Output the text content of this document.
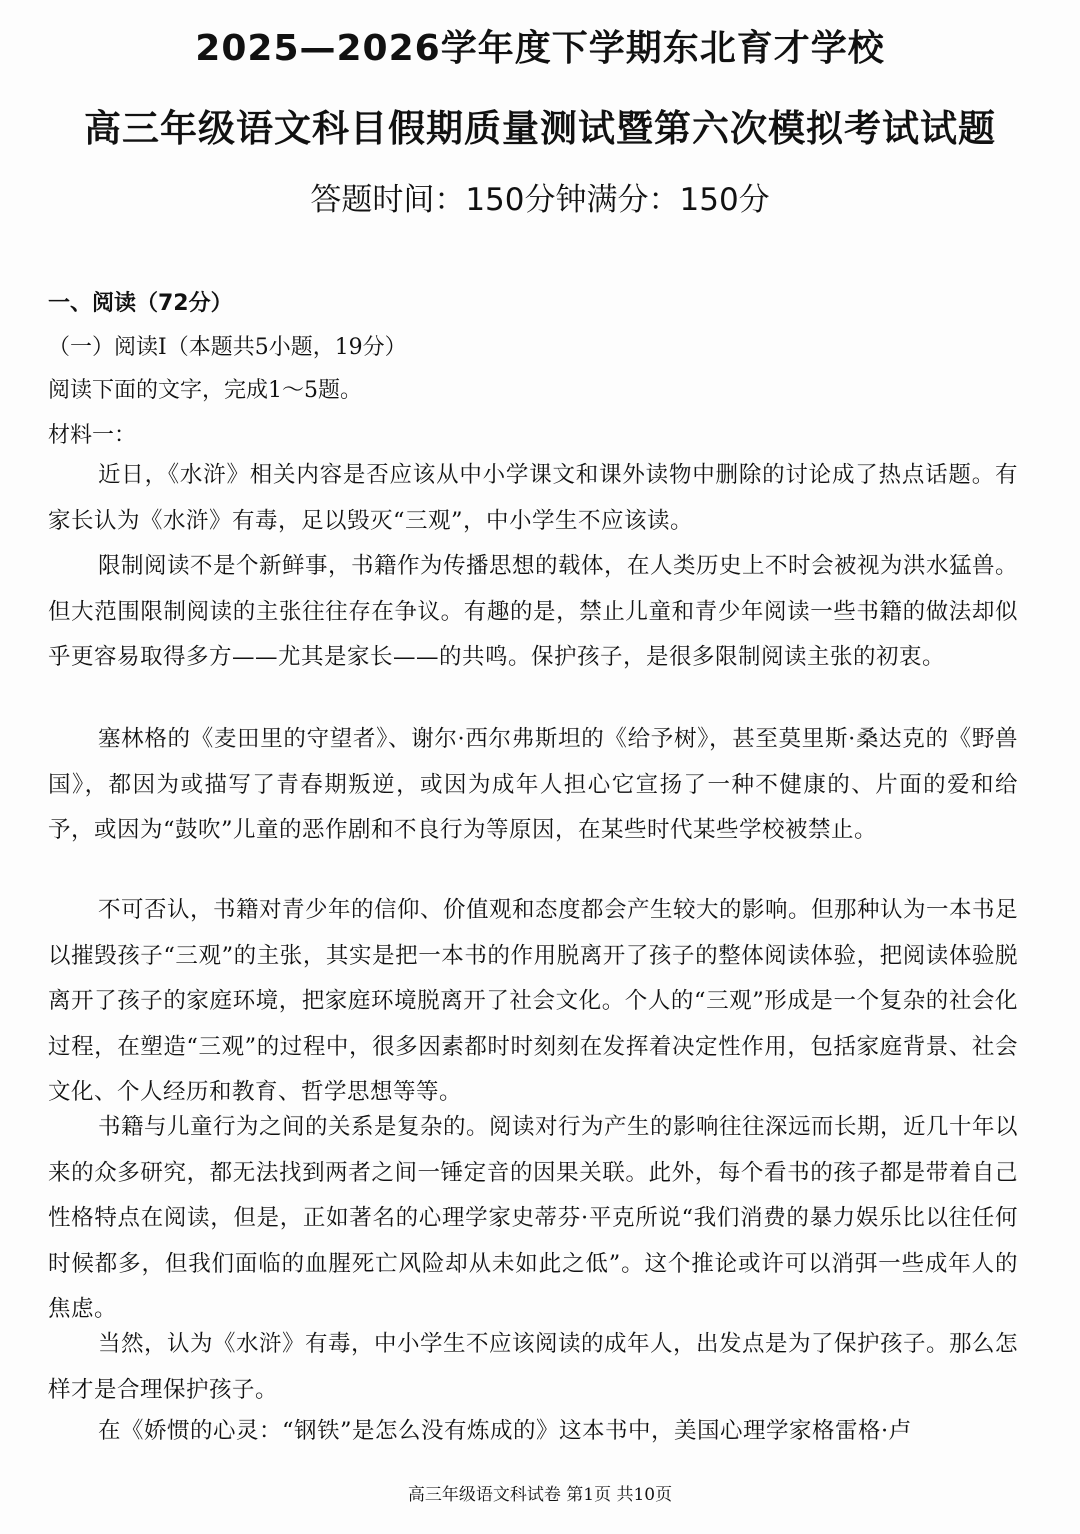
2025—2026学年度下学期东北育才学校
高三年级语文科目假期质量测试暨第六次模拟考试试题
答题时间：150分钟满分：150分
一、阅读（72分）
（一）阅读Ⅰ（本题共5小题，19分）
阅读下面的文字，完成1～5题。
材料一：
近日，《水浒》相关内容是否应该从中小学课文和课外读物中删除的讨论成了热点话题。有家长认为《水浒》有毒，足以毁灭“三观”，中小学生不应该读。
限制阅读不是个新鲜事，书籍作为传播思想的载体，在人类历史上不时会被视为洪水猛兽。但大范围限制阅读的主张往往存在争议。有趣的是，禁止儿童和青少年阅读一些书籍的做法却似乎更容易取得多方——尤其是家长——的共鸣。保护孩子，是很多限制阅读主张的初衷。
塞林格的《麦田里的守望者》、谢尔·西尔弗斯坦的《给予树》，甚至莫里斯·桑达克的《野兽国》，都因为或描写了青春期叛逆，或因为成年人担心它宣扬了一种不健康的、片面的爱和给予，或因为“鼓吹”儿童的恶作剧和不良行为等原因，在某些时代某些学校被禁止。
不可否认，书籍对青少年的信仰、价值观和态度都会产生较大的影响。但那种认为一本书足以摧毁孩子“三观”的主张，其实是把一本书的作用脱离开了孩子的整体阅读体验，把阅读体验脱离开了孩子的家庭环境，把家庭环境脱离开了社会文化。个人的“三观”形成是一个复杂的社会化过程，在塑造“三观”的过程中，很多因素都时时刻刻在发挥着决定性作用，包括家庭背景、社会文化、个人经历和教育、哲学思想等等。
书籍与儿童行为之间的关系是复杂的。阅读对行为产生的影响往往深远而长期，近几十年以来的众多研究，都无法找到两者之间一锤定音的因果关联。此外，每个看书的孩子都是带着自己性格特点在阅读，但是，正如著名的心理学家史蒂芬·平克所说“我们消费的暴力娱乐比以往任何时候都多，但我们面临的血腥死亡风险却从未如此之低”。这个推论或许可以消弭一些成年人的焦虑。
当然，认为《水浒》有毒，中小学生不应该阅读的成年人，出发点是为了保护孩子。那么怎样才是合理保护孩子。
在《娇惯的心灵：“钢铁”是怎么没有炼成的》这本书中，美国心理学家格雷格·卢
高三年级语文科试卷 第1页 共10页
